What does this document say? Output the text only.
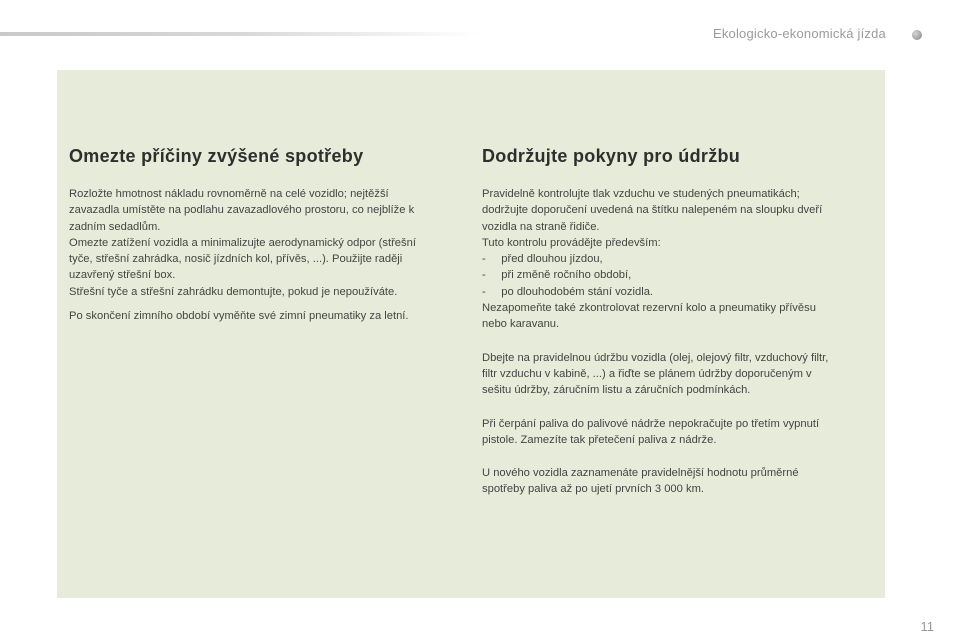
Ekologicko-ekonomická jízda
Omezte příčiny zvýšené spotřeby

Rozložte hmotnost nákladu rovnoměrně na celé vozidlo; nejtěžší
zavazadla umístěte na podlahu zavazadlového prostoru, co nejblíže k
zadním sedadlům.
Omezte zatížení vozidla a minimalizujte aerodynamický odpor (střešní
tyče, střešní zahrádka, nosič jízdních kol, přívěs, ...). Použijte raději
uzavřený střešní box.
Střešní tyče a střešní zahrádku demontujte, pokud je nepoužíváte.

Po skončení zimního období vyměňte své zimní pneumatiky za letní.

Dodržujte pokyny pro údržbu

Pravidelně kontrolujte tlak vzduchu ve studených pneumatikách;
dodržujte doporučení uvedená na štítku nalepeném na sloupku dveří
vozidla na straně řidiče.
Tuto kontrolu provádějte především:
-     před dlouhou jízdou,
-     při změně ročního období,
-     po dlouhodobém stání vozidla.
Nezapomeňte také zkontrolovat rezervní kolo a pneumatiky přívěsu
nebo karavanu.

Dbejte na pravidelnou údržbu vozidla (olej, olejový filtr, vzduchový filtr,
filtr vzduchu v kabině, ...) a řiďte se plánem údržby doporučeným v
sešitu údržby, záručním listu a záručních podmínkách.

Při čerpání paliva do palivové nádrže nepokračujte po třetím vypnutí
pistole. Zamezíte tak přetečení paliva z nádrže.

U nového vozidla zaznamenáte pravidelnější hodnotu průměrné
spotřeby paliva až po ujetí prvních 3 000 km.

11
